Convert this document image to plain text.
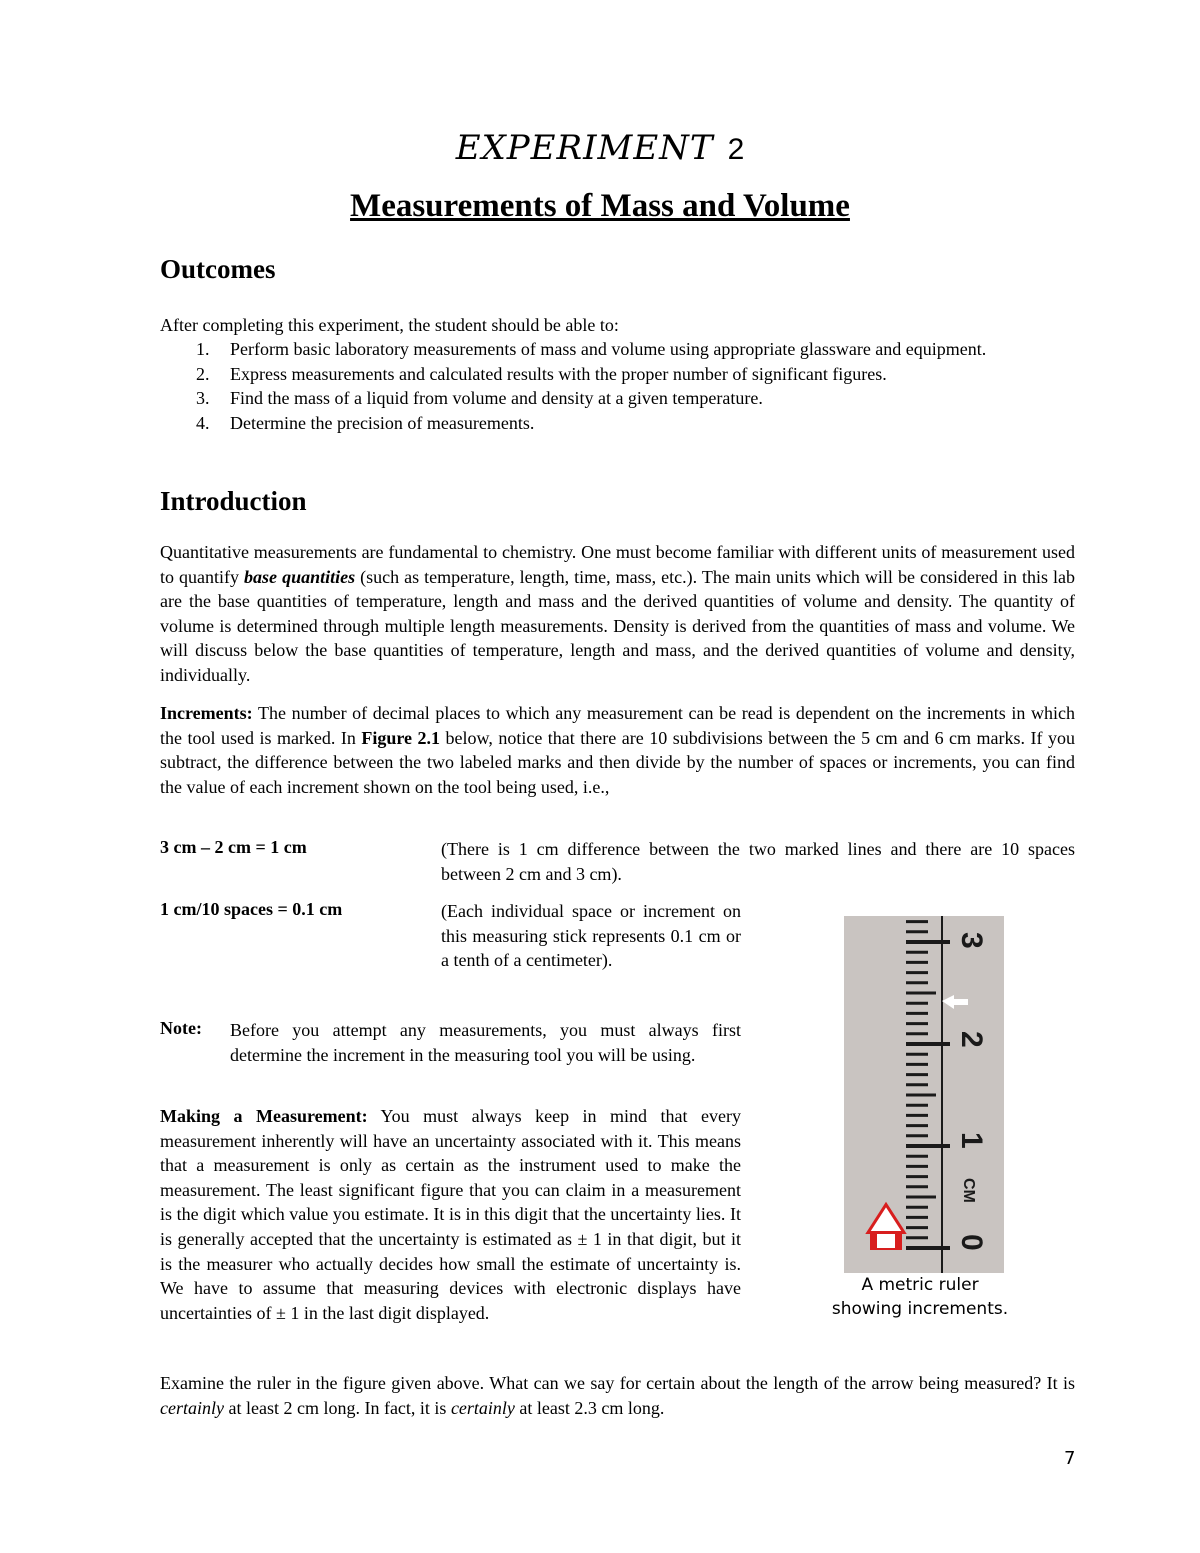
EXPERIMENT 2
Measurements of Mass and Volume
Outcomes

After completing this experiment, the student should be able to:

1. Perform basic laboratory measurements of mass and volume using appropriate glassware and equipment.
2. Express measurements and calculated results with the proper number of significant figures.
3. Find the mass of a liquid from volume and density at a given temperature.
4. Determine the precision of measurements.
Introduction

Quantitative measurements are fundamental to chemistry. One must become familiar with different units of measurement used to quantify base quantities (such as temperature, length, time, mass, etc.). The main units which will be considered in this lab are the base quantities of temperature, length and mass and the derived quantities of volume and density. The quantity of volume is determined through multiple length measurements. Density is derived from the quantities of mass and volume. We will discuss below the base quantities of temperature, length and mass, and the derived quantities of volume and density, individually.

Increments: The number of decimal places to which any measurement can be read is dependent on the increments in which the tool used is marked. In Figure 2.1 below, notice that there are 10 subdivisions between the 5 cm and 6 cm marks. If you subtract, the difference between the two labeled marks and then divide by the number of spaces or increments, you can find the value of each increment shown on the tool being used, i.e.,

3 cm – 2 cm = 1 cm	(There is 1 cm difference between the two marked lines and there are 10 spaces between 2 cm and 3 cm).

1 cm/10 spaces = 0.1 cm	(Each individual space or increment on this measuring stick represents 0.1 cm or a tenth of a centimeter).

Note: Before you attempt any measurements, you must always first determine the increment in the measuring tool you will be using.

Making a Measurement: You must always keep in mind that every measurement inherently will have an uncertainty associated with it. This means that a measurement is only as certain as the instrument used to make the measurement. The least significant figure that you can claim in a measurement is the digit which value you estimate. It is in this digit that the uncertainty lies. It is generally accepted that the uncertainty is estimated as ± 1 in that digit, but it is the measurer who actually decides how small the estimate of uncertainty is. We have to assume that measuring devices with electronic displays have uncertainties of ± 1 in the last digit displayed.

Examine the ruler in the figure given above. What can we say for certain about the length of the arrow being measured? It is certainly at least 2 cm long. In fact, it is certainly at least 2.3 cm long.

3
2
1
0
CM
A metric ruler
showing increments.
7
